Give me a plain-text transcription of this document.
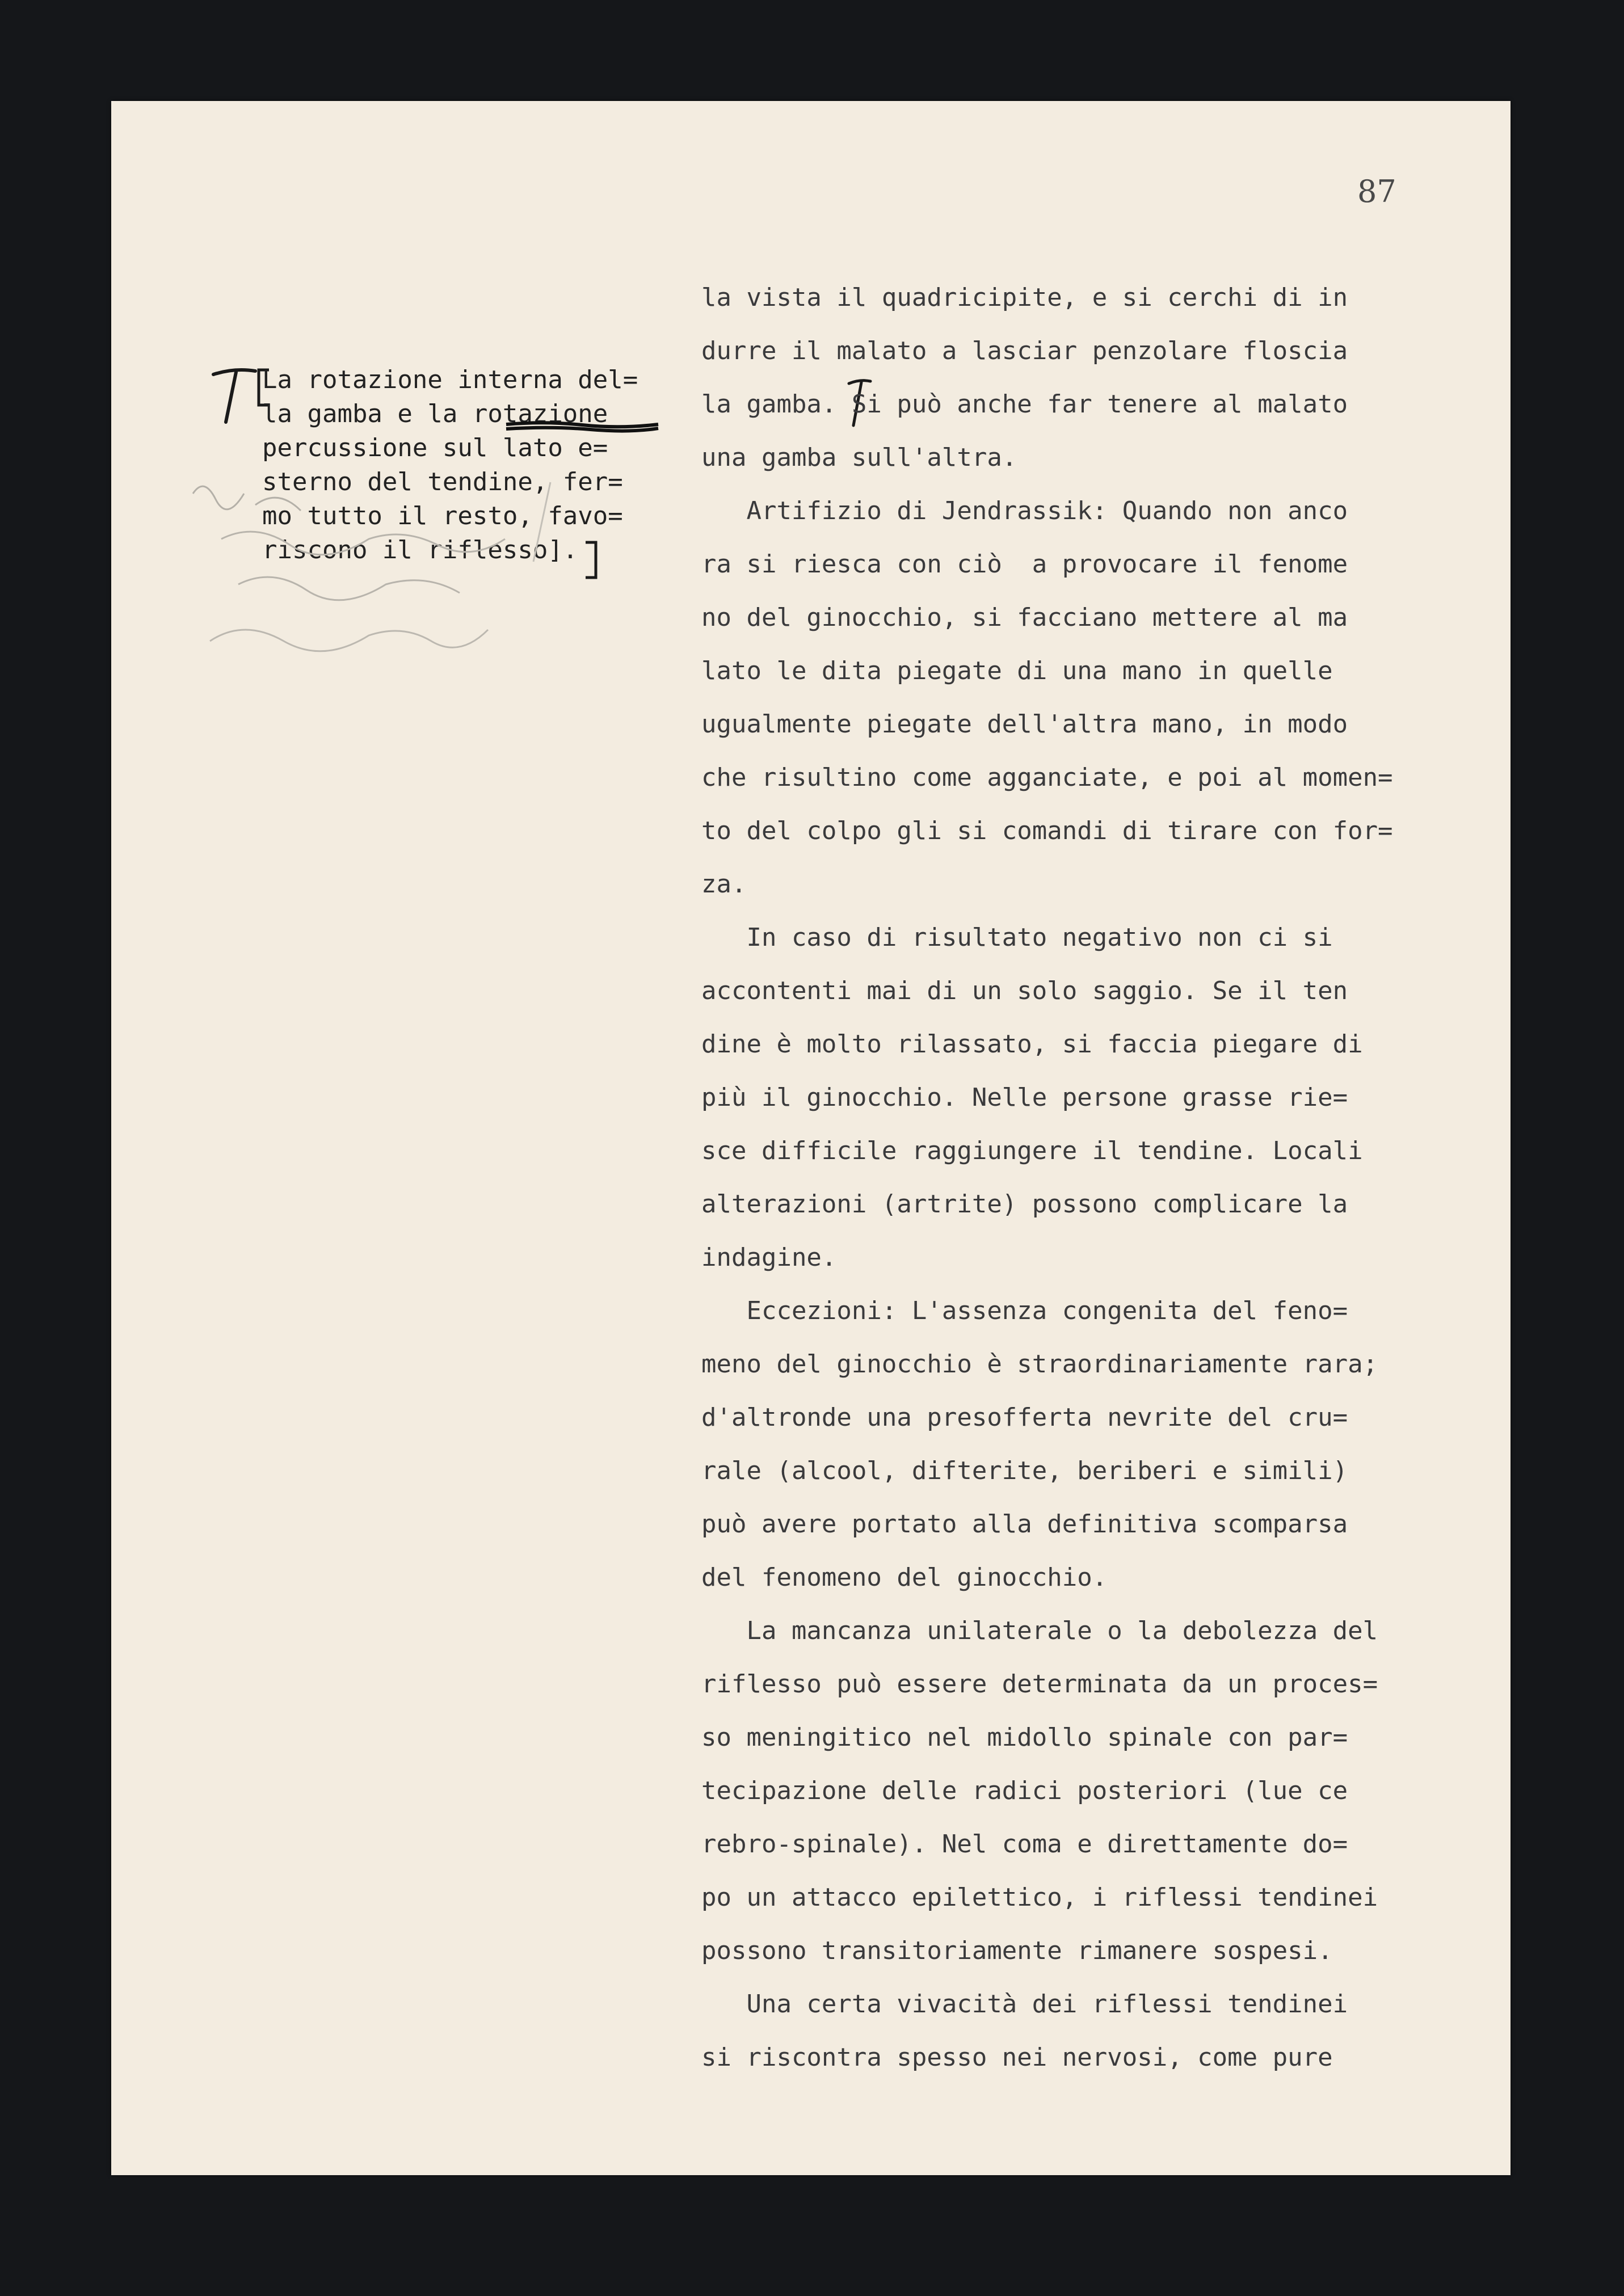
87

La rotazione interna del=
la gamba e la rotazione
percussione sul lato e=
sterno del tendine, fer=
mo tutto il resto, favo=
riscono il riflesso].
la vista il quadricipite, e si cerchi di in
durre il malato a lasciar penzolare floscia
la gamba. Si può anche far tenere al malato
una gamba sull'altra.
Artifizio di Jendrassik: Quando non anco
ra si riesca con ciò  a provocare il fenome
no del ginocchio, si facciano mettere al ma
lato le dita piegate di una mano in quelle
ugualmente piegate dell'altra mano, in modo
che risultino come agganciate, e poi al momen=
to del colpo gli si comandi di tirare con for=
za.
In caso di risultato negativo non ci si
accontenti mai di un solo saggio. Se il ten
dine è molto rilassato, si faccia piegare di
più il ginocchio. Nelle persone grasse rie=
sce difficile raggiungere il tendine. Locali
alterazioni (artrite) possono complicare la
indagine.
Eccezioni: L'assenza congenita del feno=
meno del ginocchio è straordinariamente rara;
d'altronde una presofferta nevrite del cru=
rale (alcool, difterite, beriberi e simili)
può avere portato alla definitiva scomparsa
del fenomeno del ginocchio.
La mancanza unilaterale o la debolezza del
riflesso può essere determinata da un proces=
so meningitico nel midollo spinale con par=
tecipazione delle radici posteriori (lue ce
rebro-spinale). Nel coma e direttamente do=
po un attacco epilettico, i riflessi tendinei
possono transitoriamente rimanere sospesi.
Una certa vivacità dei riflessi tendinei
si riscontra spesso nei nervosi, come pure
